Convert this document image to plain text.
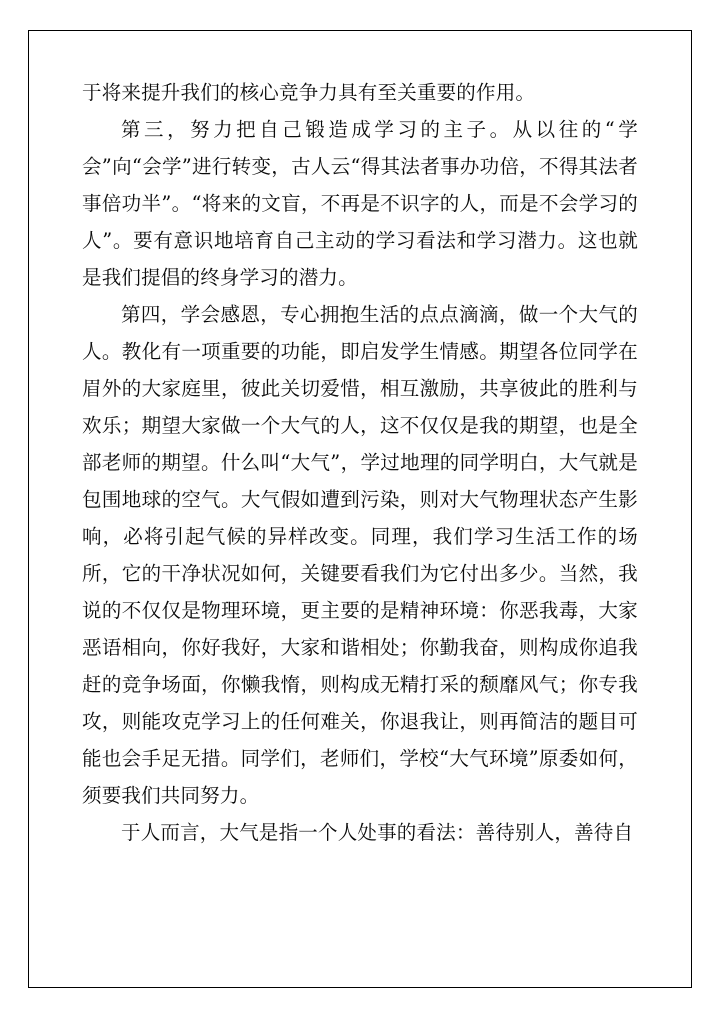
于将来提升我们的核心竞争力具有至关重要的作用。

第三，努力把自己锻造成学习的主子。从以往的“学会”向“会学”进行转变，古人云“得其法者事办功倍，不得其法者事倍功半”。“将来的文盲，不再是不识字的人，而是不会学习的人”。要有意识地培育自己主动的学习看法和学习潜力。这也就是我们提倡的终身学习的潜力。

第四，学会感恩，专心拥抱生活的点点滴滴，做一个大气的人。教化有一项重要的功能，即启发学生情感。期望各位同学在眉外的大家庭里，彼此关切爱惜，相互激励，共享彼此的胜利与欢乐；期望大家做一个大气的人，这不仅仅是我的期望，也是全部老师的期望。什么叫“大气”，学过地理的同学明白，大气就是包围地球的空气。大气假如遭到污染，则对大气物理状态产生影响，必将引起气候的异样改变。同理，我们学习生活工作的场所，它的干净状况如何，关键要看我们为它付出多少。当然，我说的不仅仅是物理环境，更主要的是精神环境：你恶我毒，大家恶语相向，你好我好，大家和谐相处；你勤我奋，则构成你追我赶的竞争场面，你懒我惰，则构成无精打采的颓靡风气；你专我攻，则能攻克学习上的任何难关，你退我让，则再简洁的题目可能也会手足无措。同学们，老师们，学校“大气环境”原委如何，须要我们共同努力。

于人而言，大气是指一个人处事的看法：善待别人，善待自
